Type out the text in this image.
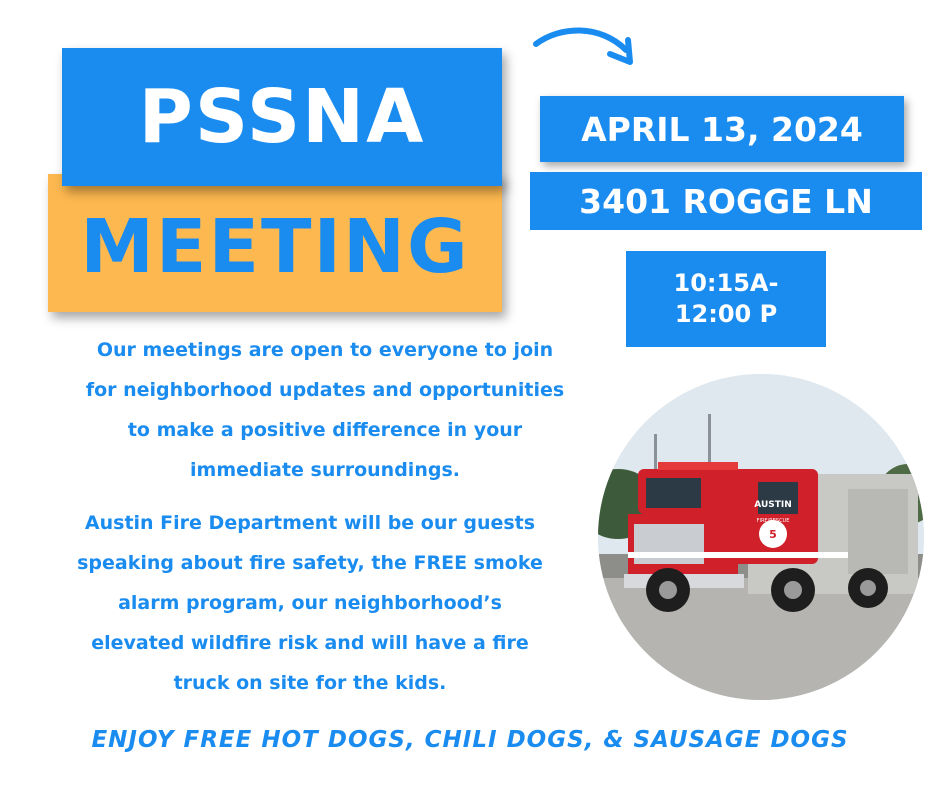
PSSNA
MEETING
APRIL 13, 2024
3401 ROGGE LN
10:15A-
12:00 P

Our meetings are open to everyone to join

for neighborhood updates and opportunities

to make a positive difference in your

immediate surroundings.

Austin Fire Department will be our guests

speaking about fire safety, the FREE smoke

alarm program, our neighborhood’s

elevated wildfire risk and will have a fire

truck on site for the kids.

AUSTIN
FIRE/RESCUE
5
ENJOY FREE HOT DOGS, CHILI DOGS, & SAUSAGE DOGS
